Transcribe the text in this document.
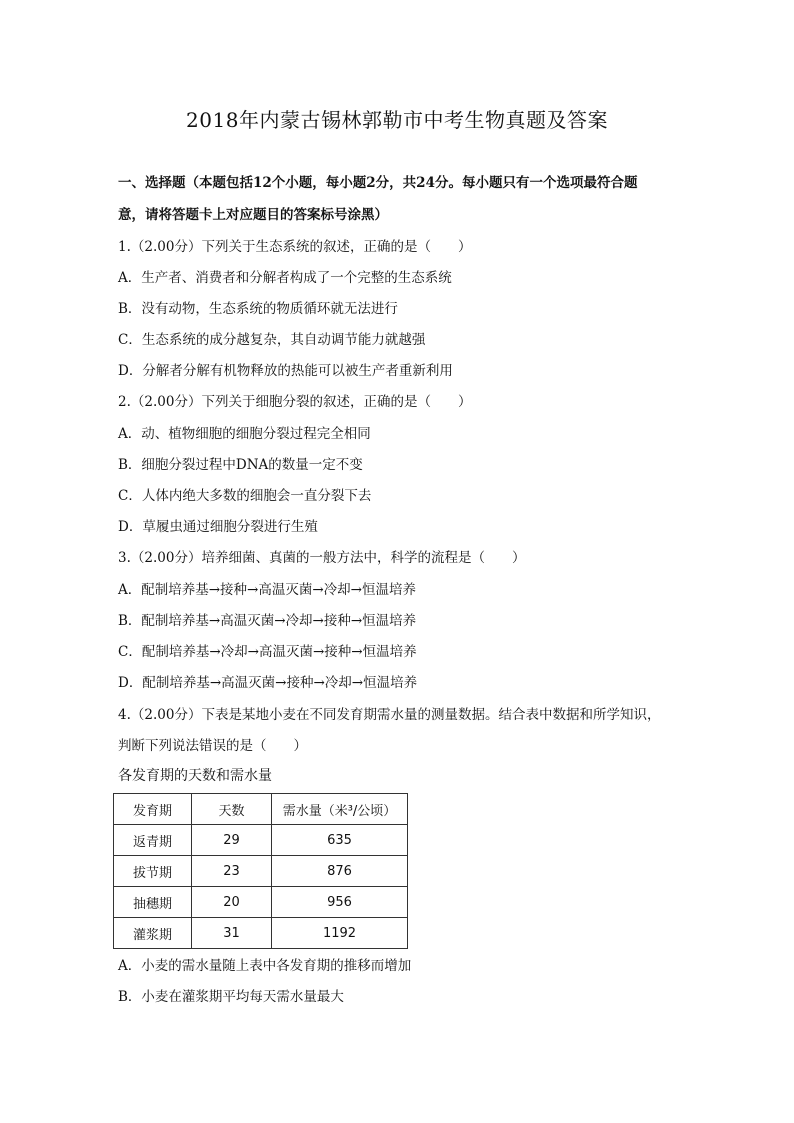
2018年内蒙古锡林郭勒市中考生物真题及答案
一、选择题（本题包括12个小题，每小题2分，共24分。每小题只有一个选项最符合题
意，请将答题卡上对应题目的答案标号涂黑）
1.（2.00分）下列关于生态系统的叙述，正确的是（　　）
A．生产者、消费者和分解者构成了一个完整的生态系统
B．没有动物，生态系统的物质循环就无法进行
C．生态系统的成分越复杂，其自动调节能力就越强
D．分解者分解有机物释放的热能可以被生产者重新利用
2.（2.00分）下列关于细胞分裂的叙述，正确的是（　　）
A．动、植物细胞的细胞分裂过程完全相同
B．细胞分裂过程中DNA的数量一定不变
C．人体内绝大多数的细胞会一直分裂下去
D．草履虫通过细胞分裂进行生殖
3.（2.00分）培养细菌、真菌的一般方法中，科学的流程是（　　）
A．配制培养基→接种→高温灭菌→冷却→恒温培养
B．配制培养基→高温灭菌→冷却→接种→恒温培养
C．配制培养基→冷却→高温灭菌→接种→恒温培养
D．配制培养基→高温灭菌→接种→冷却→恒温培养
4.（2.00分）下表是某地小麦在不同发育期需水量的测量数据。结合表中数据和所学知识，
判断下列说法错误的是（　　）
各发育期的天数和需水量
发育期	天数	需水量（米³/公顷）
返青期	29	635
拔节期	23	876
抽穗期	20	956
灌浆期	31	1192
A．小麦的需水量随上表中各发育期的推移而增加
B．小麦在灌浆期平均每天需水量最大
